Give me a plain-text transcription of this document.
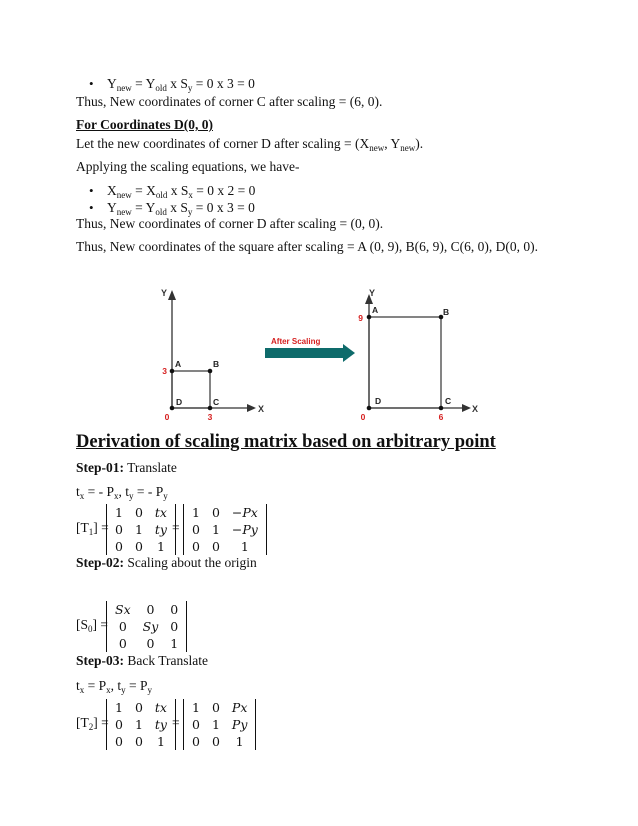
• $Y_{new} = Y_{old}$ x $S_y = 0$ x 3 = 0
Thus, New coordinates of corner C after scaling = (6, 0).
For Coordinates D(0, 0)
Let the new coordinates of corner D after scaling = ($X_{new}$, $Y_{new}$).
Applying the scaling equations, we have-
• $X_{new} = X_{old}$ x $S_x = 0$ x 2 = 0
• $Y_{new} = Y_{old}$ x $S_y = 0$ x 3 = 0
Thus, New coordinates of corner D after scaling = (0, 0).
Thus, New coordinates of the square after scaling = A (0, 9), B(6, 9), C(6, 0), D(0, 0).
Y
X
A	B
C
D
3
3
0
After Scaling
Y
X
A	B
C
D
9
6
0
Derivation of scaling matrix based on arbitrary point
Step-01: Translate
$t_x$ = - $P_x$, $t_y$ = - $P_y$
$[T_1]$ =
1	0	tx
0	1	ty
0	0	1
=
1	0	−Px
0	1	−Py
0	0	1
Step-02: Scaling about the origin
$[S_0]$ =
Sx	0	0
0	Sy	0
0	0	1
Step-03: Back Translate
$t_x = P_x$, $t_y = P_y$
$[T_2]$ =
1	0	tx
0	1	ty
0	0	1
=
1	0	Px
0	1	Py
0	0	1
